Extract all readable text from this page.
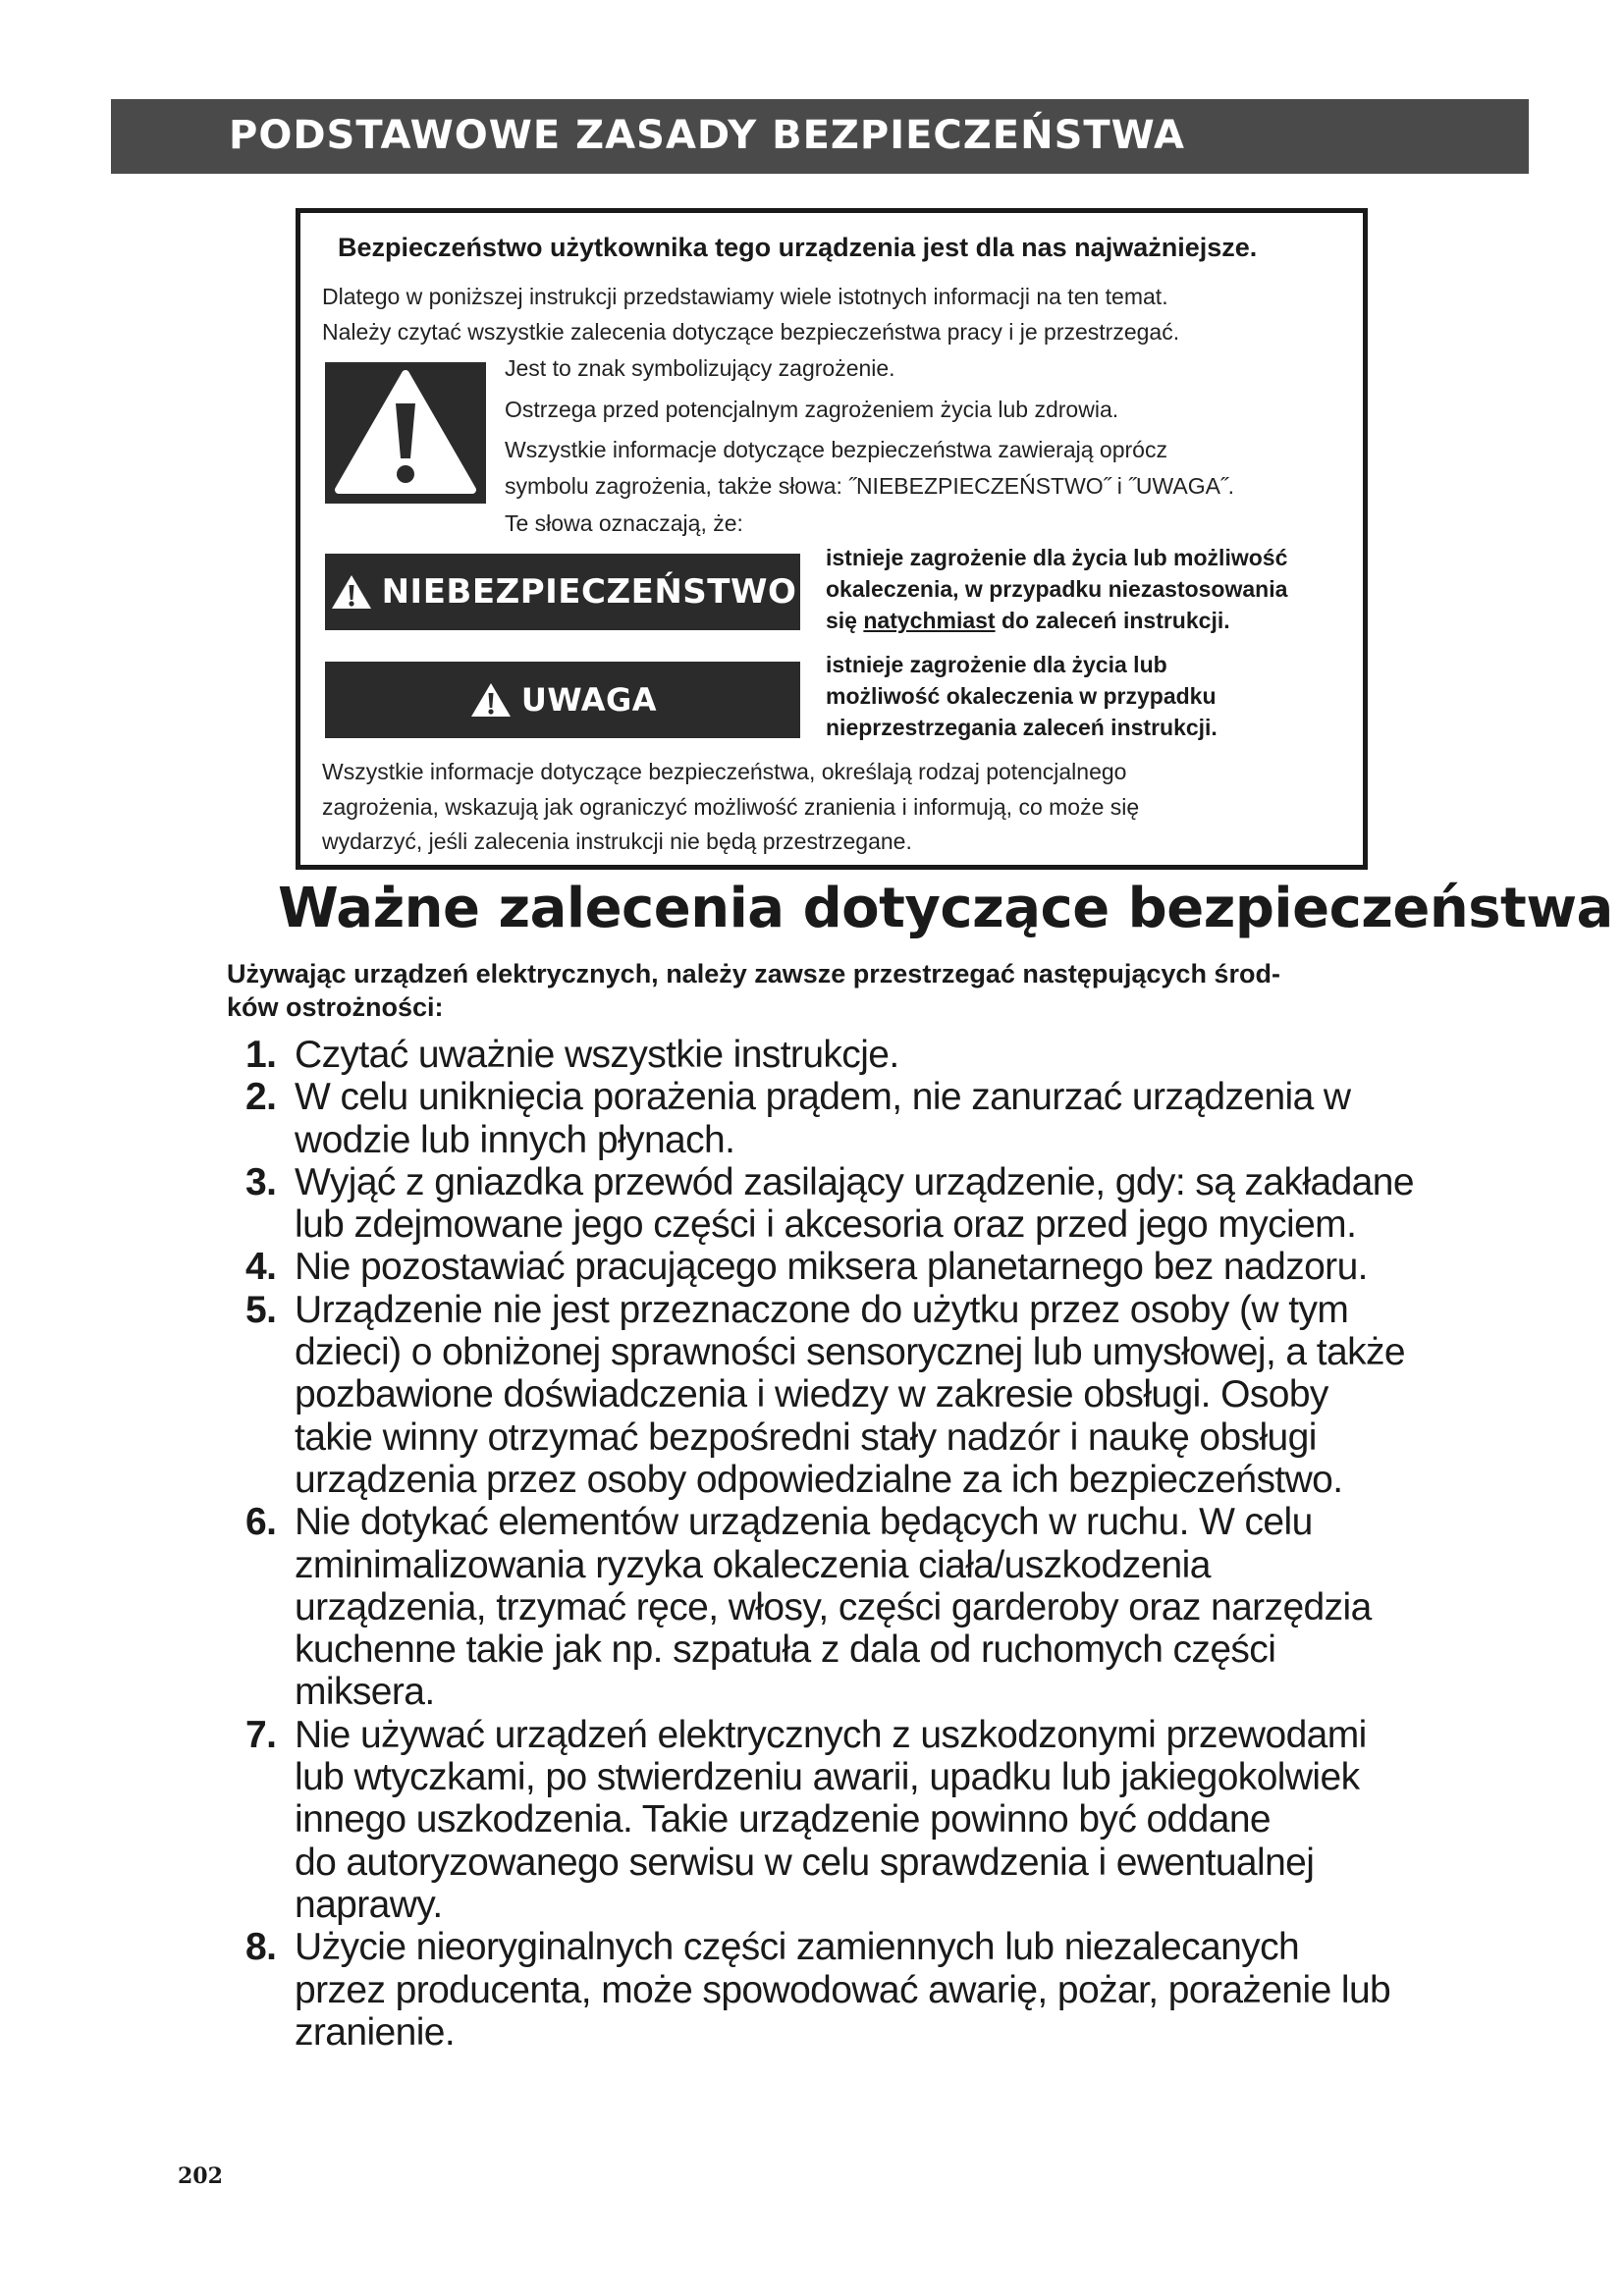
PODSTAWOWE ZASADY BEZPIECZEŃSTWA
Bezpieczeństwo użytkownika tego urządzenia jest dla nas najważniejsze.
Dlatego w poniższej instrukcji przedstawiamy wiele istotnych informacji na ten temat.
Należy czytać wszystkie zalecenia dotyczące bezpieczeństwa pracy i je przestrzegać.
Jest to znak symbolizujący zagrożenie.
Ostrzega przed potencjalnym zagrożeniem życia lub zdrowia.
Wszystkie informacje dotyczące bezpieczeństwa zawierają oprócz
symbolu zagrożenia, także słowa: ˝NIEBEZPIECZEŃSTWO˝ i ˝UWAGA˝.
Te słowa oznaczają, że:
NIEBEZPIECZEŃSTWO
istnieje zagrożenie dla życia lub możliwość
okaleczenia, w przypadku niezastosowania
się natychmiast do zaleceń instrukcji.
UWAGA
istnieje zagrożenie dla życia lub
możliwość okaleczenia w przypadku
nieprzestrzegania zaleceń instrukcji.
Wszystkie informacje dotyczące bezpieczeństwa, określają rodzaj potencjalnego
zagrożenia, wskazują jak ograniczyć możliwość zranienia i informują, co może się
wydarzyć, jeśli zalecenia instrukcji nie będą przestrzegane.
Ważne zalecenia dotyczące bezpieczeństwa
Używając urządzeń elektrycznych, należy zawsze przestrzegać następujących środ-
ków ostrożności:
1. Czytać uważnie wszystkie instrukcje.
2. W celu uniknięcia porażenia prądem, nie zanurzać urządzenia w
wodzie lub innych płynach.
3. Wyjąć z gniazdka przewód zasilający urządzenie, gdy: są zakładane
lub zdejmowane jego części i akcesoria oraz przed jego myciem.
4. Nie pozostawiać pracującego miksera planetarnego bez nadzoru.
5. Urządzenie nie jest przeznaczone do użytku przez osoby (w tym
dzieci) o obniżonej sprawności sensorycznej lub umysłowej, a także
pozbawione doświadczenia i wiedzy w zakresie obsługi. Osoby
takie winny otrzymać bezpośredni stały nadzór i naukę obsługi
urządzenia przez osoby odpowiedzialne za ich bezpieczeństwo.
6. Nie dotykać elementów urządzenia będących w ruchu. W celu
zminimalizowania ryzyka okaleczenia ciała/uszkodzenia
urządzenia, trzymać ręce, włosy, części garderoby oraz narzędzia
kuchenne takie jak np. szpatuła z dala od ruchomych części
miksera.
7. Nie używać urządzeń elektrycznych z uszkodzonymi przewodami
lub wtyczkami, po stwierdzeniu awarii, upadku lub jakiegokolwiek
innego uszkodzenia. Takie urządzenie powinno być oddane
do autoryzowanego serwisu w celu sprawdzenia i ewentualnej
naprawy.
8. Użycie nieoryginalnych części zamiennych lub niezalecanych
przez producenta, może spowodować awarię, pożar, porażenie lub
zranienie.
202
